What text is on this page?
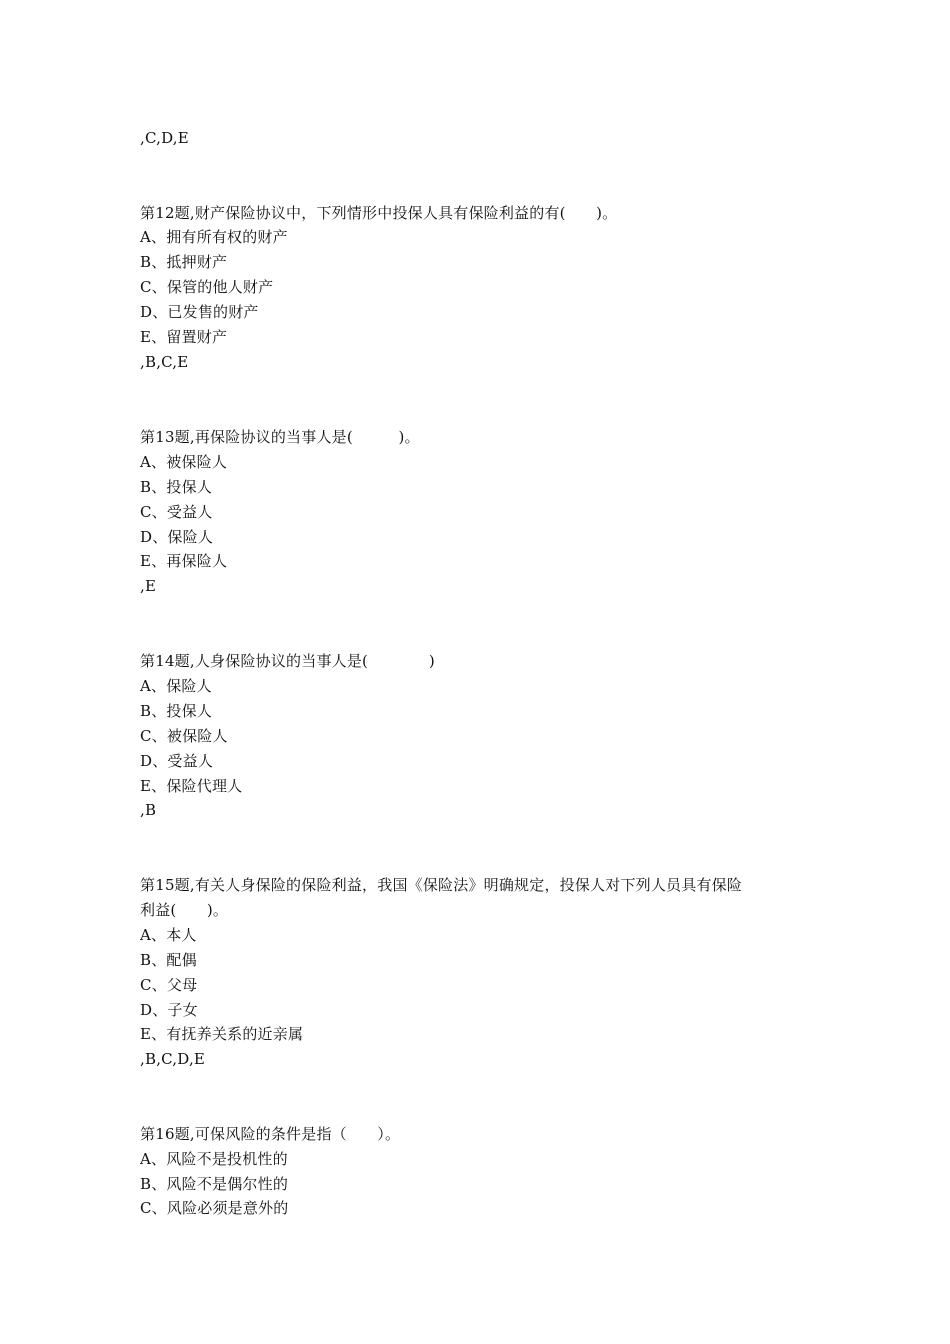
,C,D,E

第12题,财产保险协议中，下列情形中投保人具有保险利益的有(　　)。

A、拥有所有权的财产

B、抵押财产

C、保管的他人财产

D、已发售的财产

E、留置财产

,B,C,E

第13题,再保险协议的当事人是(　　　)。

A、被保险人

B、投保人

C、受益人

D、保险人

E、再保险人

,E

第14题,人身保险协议的当事人是(　　　　)

A、保险人

B、投保人

C、被保险人

D、受益人

E、保险代理人

,B

第15题,有关人身保险的保险利益，我国《保险法》明确规定，投保人对下列人员具有保险

利益(　　)。

A、本人

B、配偶

C、父母

D、子女

E、有抚养关系的近亲属

,B,C,D,E

第16题,可保风险的条件是指（　　）。

A、风险不是投机性的

B、风险不是偶尔性的

C、风险必须是意外的
